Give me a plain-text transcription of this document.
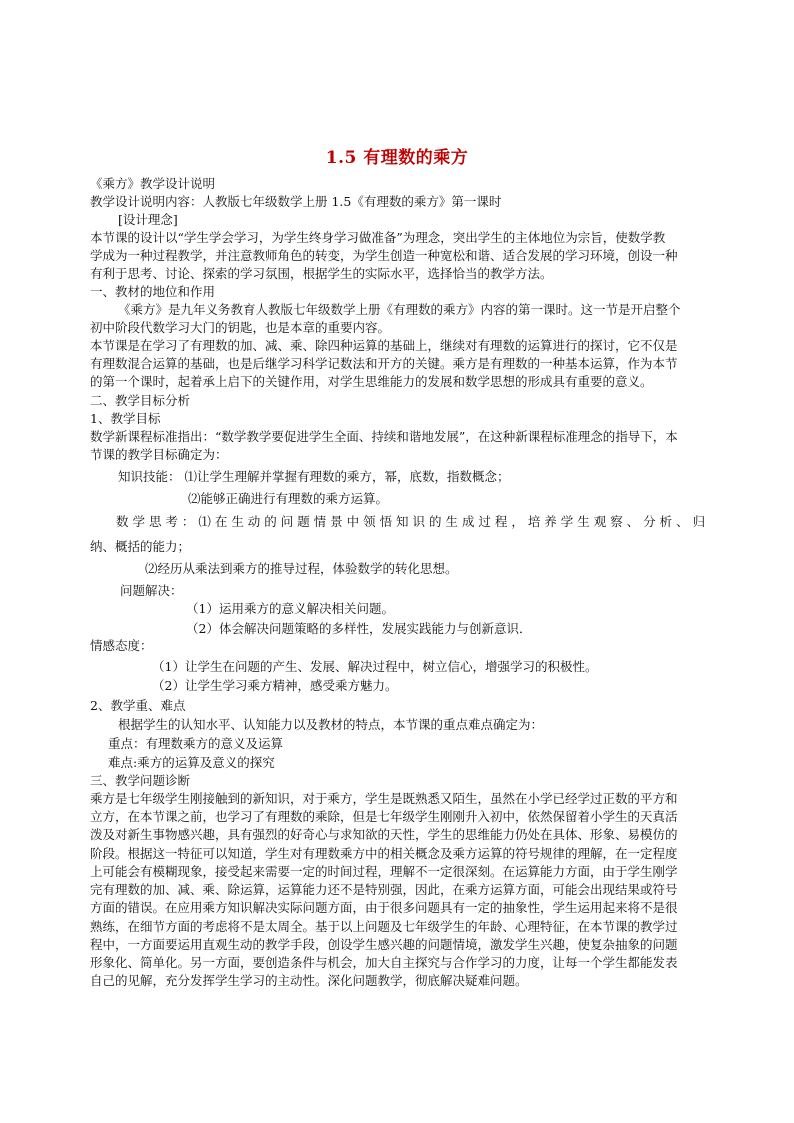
1.5 有理数的乘方
《乘方》教学设计说明
教学设计说明内容：人教版七年级数学上册 1.5《有理数的乘方》第一课时
[设计理念]
本节课的设计以“学生学会学习，为学生终身学习做准备”为理念，突出学生的主体地位为宗旨，使数学教
学成为一种过程教学，并注意教师角色的转变，为学生创造一种宽松和谐、适合发展的学习环境，创设一种
有利于思考、讨论、探索的学习氛围，根据学生的实际水平，选择恰当的教学方法。
一、教材的地位和作用
《乘方》是九年义务教育人教版七年级数学上册《有理数的乘方》内容的第一课时。这一节是开启整个
初中阶段代数学习大门的钥匙，也是本章的重要内容。
本节课是在学习了有理数的加、减、乘、除四种运算的基础上，继续对有理数的运算进行的探讨，它不仅是
有理数混合运算的基础，也是后继学习科学记数法和开方的关键。乘方是有理数的一种基本运算，作为本节
的第一个课时，起着承上启下的关键作用，对学生思维能力的发展和数学思想的形成具有重要的意义。
二、教学目标分析
1、教学目标
数学新课程标准指出：“数学教学要促进学生全面、持续和谐地发展”，在这种新课程标准理念的指导下，本
节课的教学目标确定为：
知识技能： ⑴让学生理解并掌握有理数的乘方，幂，底数，指数概念；
⑵能够正确进行有理数的乘方运算。
数 学 思 考 ： ⑴ 在 生 动 的 问 题 情 景 中 领 悟 知 识 的 生 成 过 程 ， 培 养 学 生 观 察 、 分 析 、 归
纳、概括的能力；
⑵经历从乘法到乘方的推导过程，体验数学的转化思想。
问题解决：
（1）运用乘方的意义解决相关问题。
（2）体会解决问题策略的多样性，发展实践能力与创新意识．
情感态度：
（1）让学生在问题的产生、发展、解决过程中，树立信心，增强学习的积极性。
（2）让学生学习乘方精神，感受乘方魅力。
2、教学重、难点
根据学生的认知水平、认知能力以及教材的特点，本节课的重点难点确定为：
重点：有理数乘方的意义及运算
难点:乘方的运算及意义的探究
三、教学问题诊断
乘方是七年级学生刚接触到的新知识，对于乘方，学生是既熟悉又陌生，虽然在小学已经学过正数的平方和
立方，在本节课之前，也学习了有理数的乘除，但是七年级学生刚刚升入初中，依然保留着小学生的天真活
泼及对新生事物感兴趣，具有强烈的好奇心与求知欲的天性，学生的思维能力仍处在具体、形象、易模仿的
阶段。根据这一特征可以知道，学生对有理数乘方中的相关概念及乘方运算的符号规律的理解，在一定程度
上可能会有模糊现象，接受起来需要一定的时间过程，理解不一定很深刻。在运算能力方面，由于学生刚学
完有理数的加、减、乘、除运算，运算能力还不是特别强，因此，在乘方运算方面，可能会出现结果或符号
方面的错误。在应用乘方知识解决实际问题方面，由于很多问题具有一定的抽象性，学生运用起来将不是很
熟练，在细节方面的考虑将不是太周全。基于以上问题及七年级学生的年龄、心理特征，在本节课的教学过
程中，一方面要运用直观生动的教学手段，创设学生感兴趣的问题情境，激发学生兴趣，使复杂抽象的问题
形象化、简单化。另一方面，要创造条件与机会，加大自主探究与合作学习的力度，让每一个学生都能发表
自己的见解，充分发挥学生学习的主动性。深化问题教学，彻底解决疑难问题。
